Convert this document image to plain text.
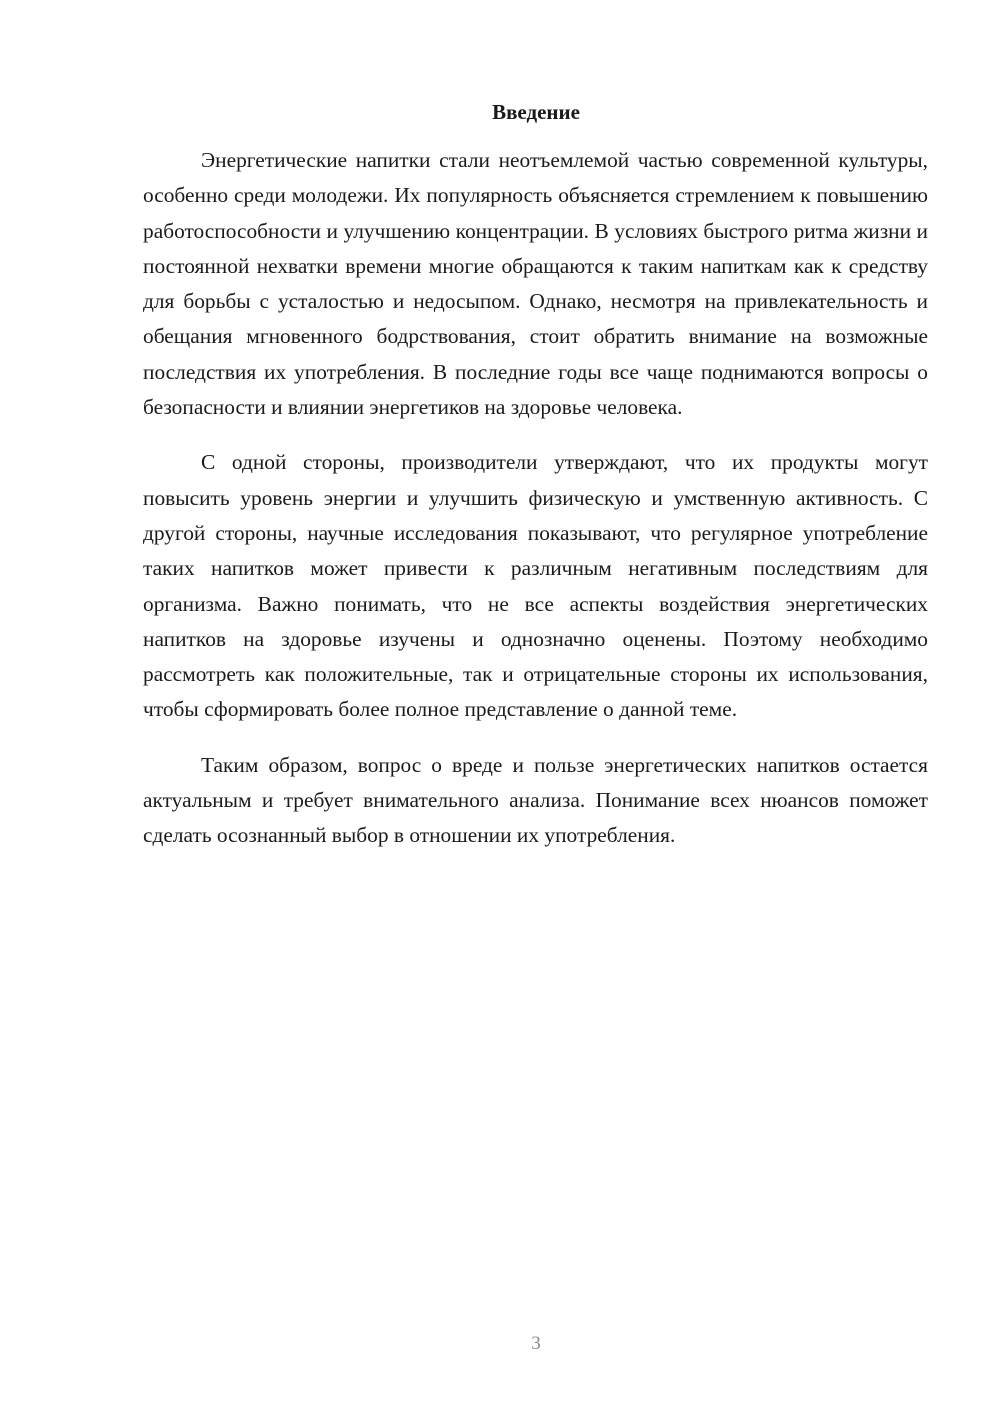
Введение

Энергетические напитки стали неотъемлемой частью современной культуры, особенно среди молодежи. Их популярность объясняется стремлением к повышению работоспособности и улучшению концентрации. В условиях быстрого ритма жизни и постоянной нехватки времени многие обращаются к таким напиткам как к средству для борьбы с усталостью и недосыпом. Однако, несмотря на привлекательность и обещания мгновенного бодрствования, стоит обратить внимание на возможные последствия их употребления. В последние годы все чаще поднимаются вопросы о безопасности и влиянии энергетиков на здоровье человека.

С одной стороны, производители утверждают, что их продукты могут повысить уровень энергии и улучшить физическую и умственную активность. С другой стороны, научные исследования показывают, что регулярное употребление таких напитков может привести к различным негативным последствиям для организма. Важно понимать, что не все аспекты воздействия энергетических напитков на здоровье изучены и однозначно оценены. Поэтому необходимо рассмотреть как положительные, так и отрицательные стороны их использования, чтобы сформировать более полное представление о данной теме.

Таким образом, вопрос о вреде и пользе энергетических напитков остается актуальным и требует внимательного анализа. Понимание всех нюансов поможет сделать осознанный выбор в отношении их употребления.

3
